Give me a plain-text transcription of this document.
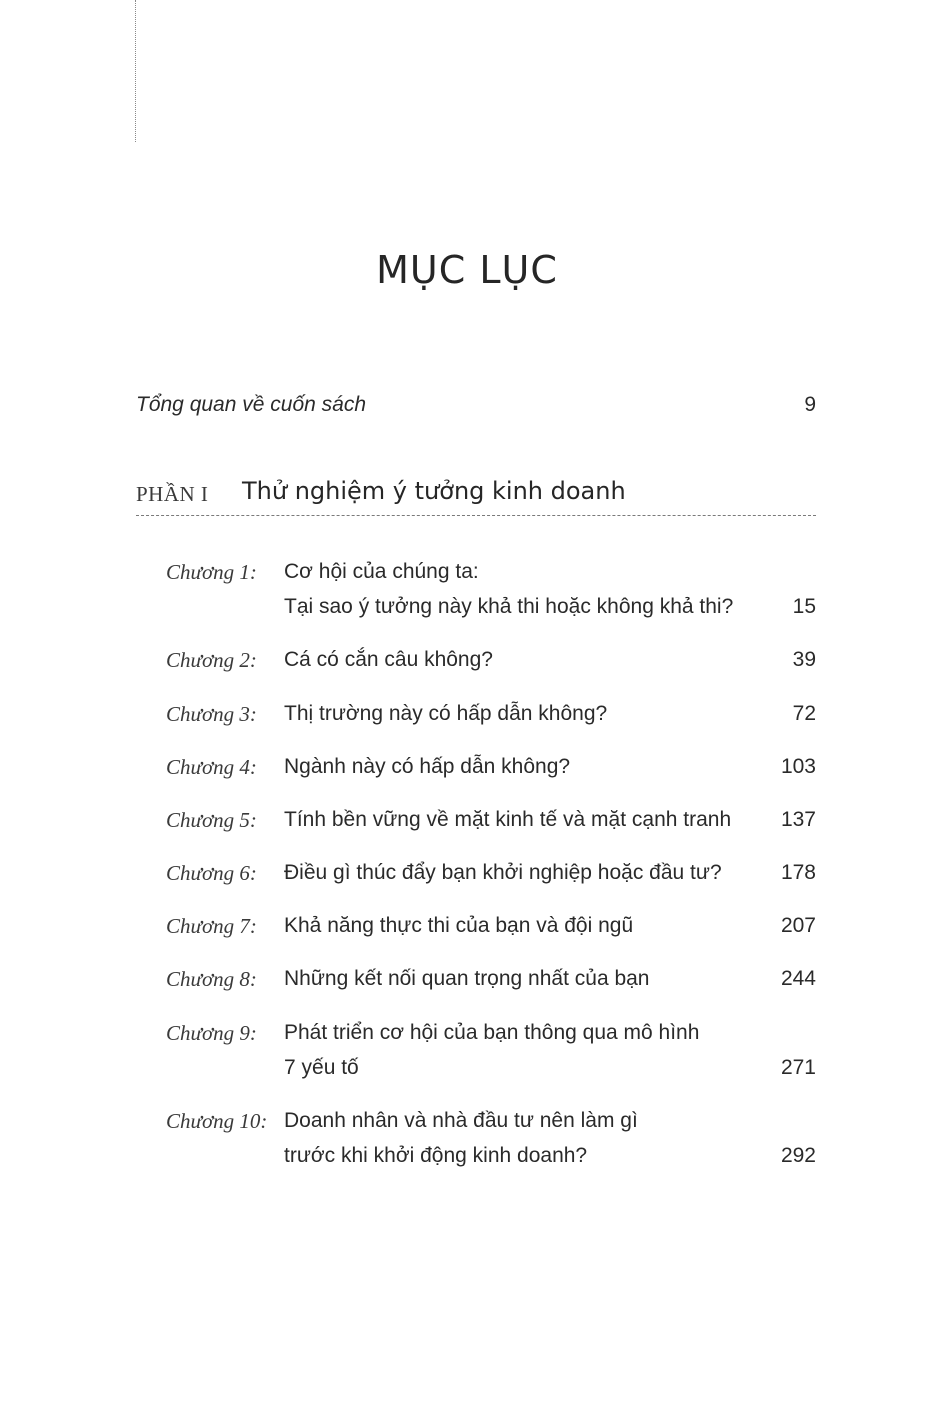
MỤC LỤC
Tổng quan về cuốn sách	9
PHẦN I Thử nghiệm ý tưởng kinh doanh
Chương 1: Cơ hội của chúng ta:
Tại sao ý tưởng này khả thi hoặc không khả thi?	15
Chương 2: Cá có cắn câu không?	39
Chương 3: Thị trường này có hấp dẫn không?	72
Chương 4: Ngành này có hấp dẫn không?	103
Chương 5: Tính bền vững về mặt kinh tế và mặt cạnh tranh 137
Chương 6: Điều gì thúc đẩy bạn khởi nghiệp hoặc đầu tư?	178
Chương 7: Khả năng thực thi của bạn và đội ngũ	207
Chương 8: Những kết nối quan trọng nhất của bạn	244
Chương 9: Phát triển cơ hội của bạn thông qua mô hình
7 yếu tố	271
Chương 10: Doanh nhân và nhà đầu tư nên làm gì
trước khi khởi động kinh doanh?	292
